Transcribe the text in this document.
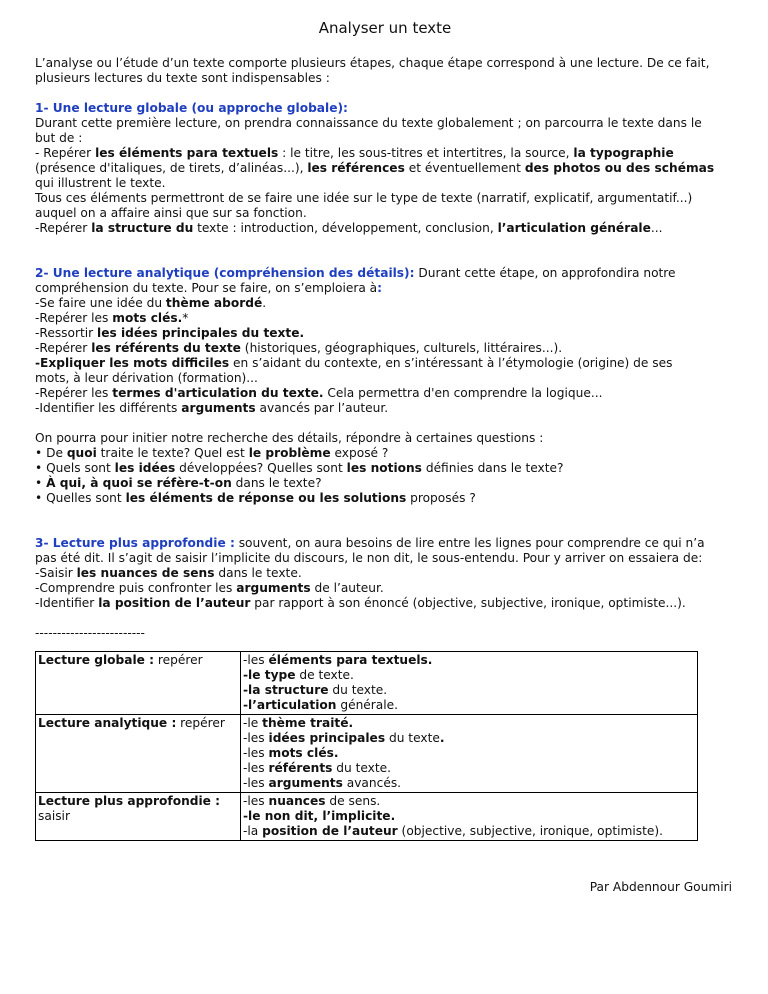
Analyser un texte

L’analyse ou l’étude d’un texte comporte plusieurs étapes, chaque étape correspond à une lecture. De ce fait,

plusieurs lectures du texte sont indispensables :

1- Une lecture globale (ou approche globale):

Durant cette première lecture, on prendra connaissance du texte globalement ; on parcourra le texte dans le

but de :

- Repérer les éléments para textuels : le titre, les sous-titres et intertitres, la source, la typographie

(présence d'italiques, de tirets, d’alinéas...), les références et éventuellement des photos ou des schémas

qui illustrent le texte.

Tous ces éléments permettront de se faire une idée sur le type de texte (narratif, explicatif, argumentatif...)

auquel on a affaire ainsi que sur sa fonction.

-Repérer la structure du texte : introduction, développement, conclusion, l’articulation générale...

2- Une lecture analytique (compréhension des détails): Durant cette étape, on approfondira notre

compréhension du texte. Pour se faire, on s’emploiera à:

-Se faire une idée du thème abordé.

-Repérer les mots clés.*

-Ressortir les idées principales du texte.

-Repérer les référents du texte (historiques, géographiques, culturels, littéraires...).

-Expliquer les mots difficiles en s’aidant du contexte, en s’intéressant à l’étymologie (origine) de ses

mots, à leur dérivation (formation)...

-Repérer les termes d'articulation du texte. Cela permettra d'en comprendre la logique...

-Identifier les différents arguments avancés par l’auteur.

On pourra pour initier notre recherche des détails, répondre à certaines questions :

• De quoi traite le texte? Quel est le problème exposé ?

• Quels sont les idées développées? Quelles sont les notions définies dans le texte?

• À qui, à quoi se réfère-t-on dans le texte?

• Quelles sont les éléments de réponse ou les solutions proposés ?

3- Lecture plus approfondie : souvent, on aura besoins de lire entre les lignes pour comprendre ce qui n’a

pas été dit. Il s’agit de saisir l’implicite du discours, le non dit, le sous-entendu. Pour y arriver on essaiera de:

-Saisir les nuances de sens dans le texte.

-Comprendre puis confronter les arguments de l’auteur.

-Identifier la position de l’auteur par rapport à son énoncé (objective, subjective, ironique, optimiste...).

-------------------------

Lecture globale : repérer	-les éléments para textuels.
-le type de texte.
-la structure du texte.
-l’articulation générale.

Lecture analytique : repérer	-le thème traité.
-les idées principales du texte.
-les mots clés.
-les référents du texte.
-les arguments avancés.

Lecture plus approfondie : saisir	-les nuances de sens.
-le non dit, l’implicite.
-la position de l’auteur (objective, subjective, ironique, optimiste).
Par Abdennour Goumiri
